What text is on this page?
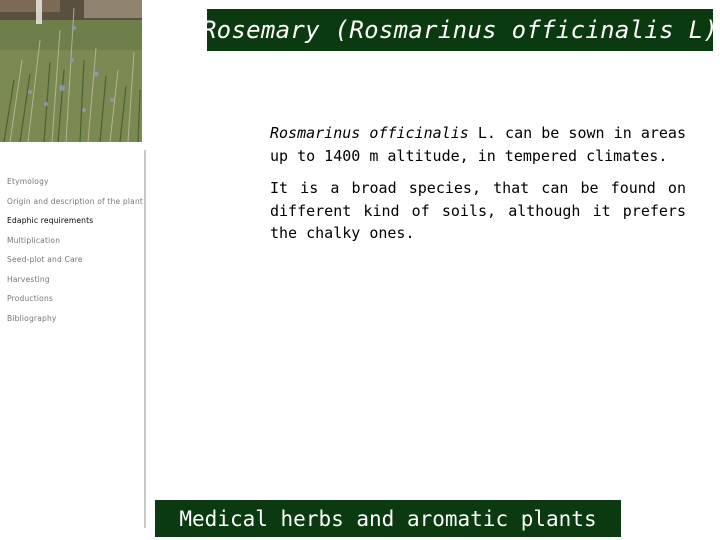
Rosemary (Rosmarinus officinalis L)
Etymology
Origin and description of the plant
Edaphic requirements
Multiplication
Seed-plot and Care
Harvesting
Productions
Bibliography

Rosmarinus officinalis L. can be sown in areas up to 1400 m altitude, in tempered climates.

It is a broad species, that can be found on different kind of soils, although it prefers the chalky ones.

Medical herbs and aromatic plants
